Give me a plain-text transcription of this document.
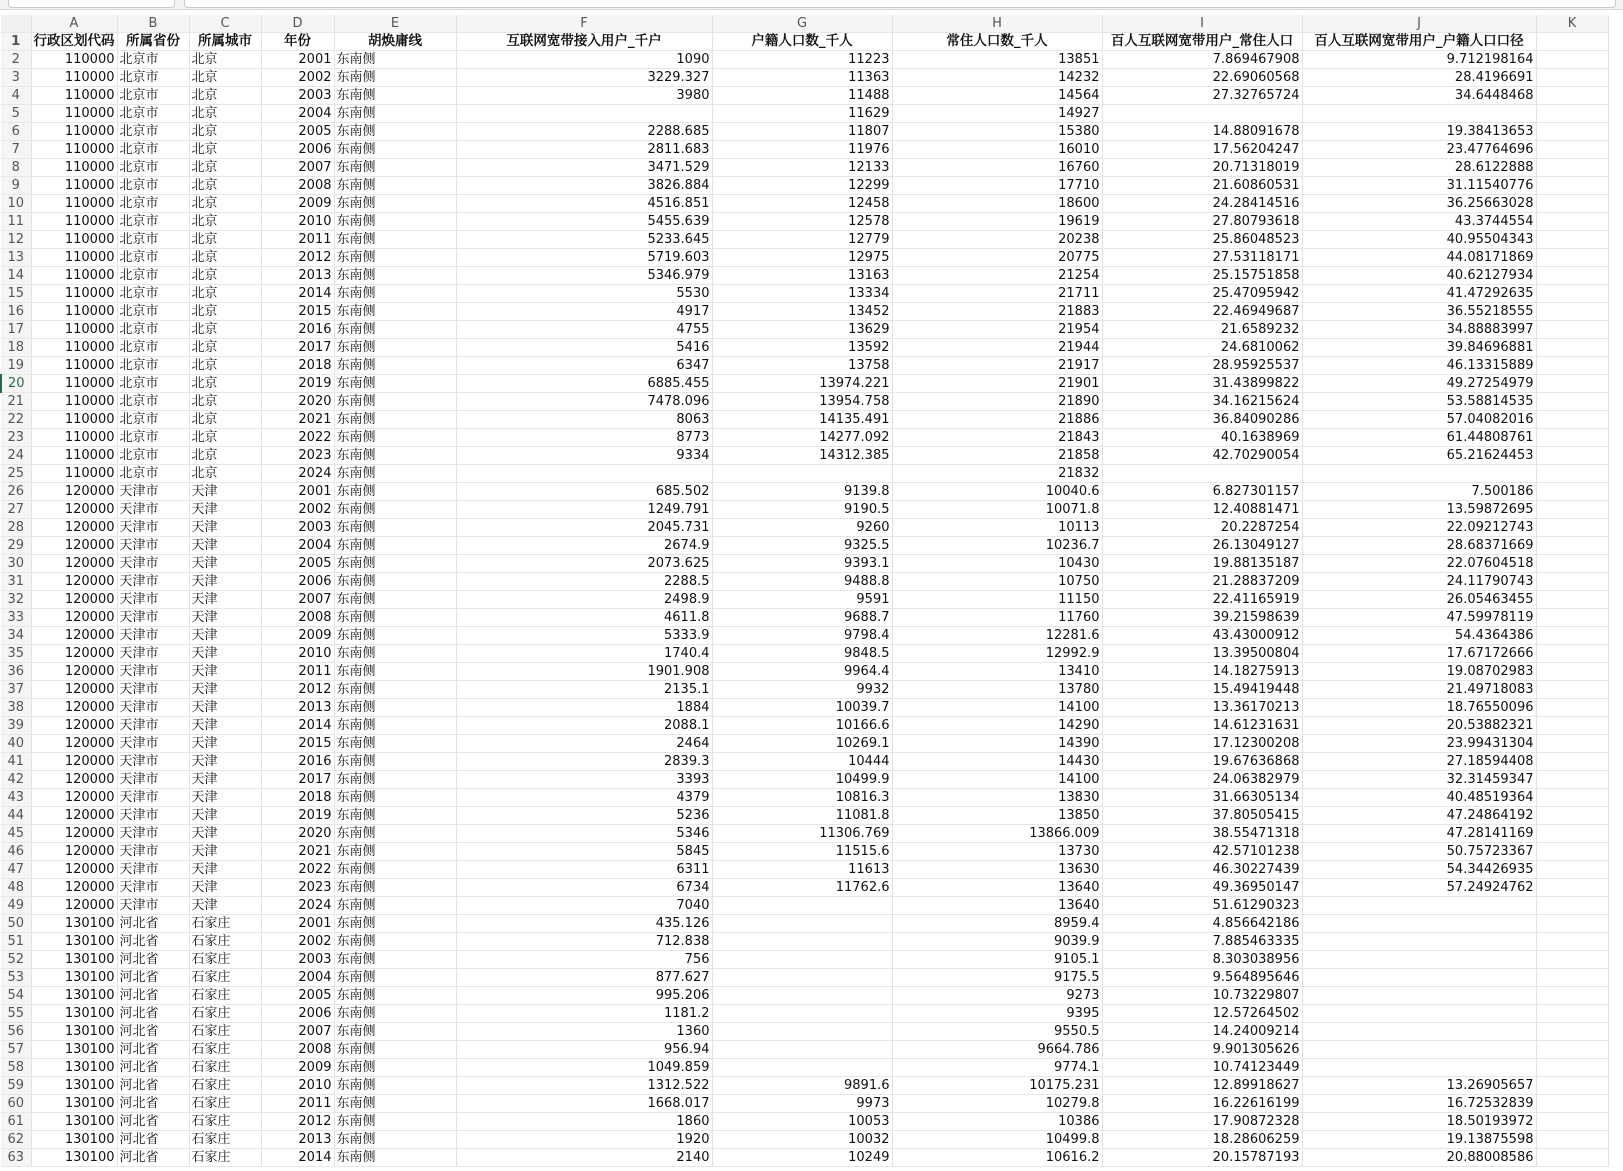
	A	B	C	D	E	F	G	H	I	J	K
1	行政区划代码	所属省份	所属城市	年份	胡焕庸线	互联网宽带接入用户_千户	户籍人口数_千人	常住人口数_千人	百人互联网宽带用户_常住人口	百人互联网宽带用户_户籍人口口径	
2	110000	北京市	北京	2001	东南侧	1090	11223	13851	7.869467908	9.712198164	
3	110000	北京市	北京	2002	东南侧	3229.327	11363	14232	22.69060568	28.4196691	
4	110000	北京市	北京	2003	东南侧	3980	11488	14564	27.32765724	34.6448468	
5	110000	北京市	北京	2004	东南侧		11629	14927			
6	110000	北京市	北京	2005	东南侧	2288.685	11807	15380	14.88091678	19.38413653	
7	110000	北京市	北京	2006	东南侧	2811.683	11976	16010	17.56204247	23.47764696	
8	110000	北京市	北京	2007	东南侧	3471.529	12133	16760	20.71318019	28.6122888	
9	110000	北京市	北京	2008	东南侧	3826.884	12299	17710	21.60860531	31.11540776	
10	110000	北京市	北京	2009	东南侧	4516.851	12458	18600	24.28414516	36.25663028	
11	110000	北京市	北京	2010	东南侧	5455.639	12578	19619	27.80793618	43.3744554	
12	110000	北京市	北京	2011	东南侧	5233.645	12779	20238	25.86048523	40.95504343	
13	110000	北京市	北京	2012	东南侧	5719.603	12975	20775	27.53118171	44.08171869	
14	110000	北京市	北京	2013	东南侧	5346.979	13163	21254	25.15751858	40.62127934	
15	110000	北京市	北京	2014	东南侧	5530	13334	21711	25.47095942	41.47292635	
16	110000	北京市	北京	2015	东南侧	4917	13452	21883	22.46949687	36.55218555	
17	110000	北京市	北京	2016	东南侧	4755	13629	21954	21.6589232	34.88883997	
18	110000	北京市	北京	2017	东南侧	5416	13592	21944	24.6810062	39.84696881	
19	110000	北京市	北京	2018	东南侧	6347	13758	21917	28.95925537	46.13315889	
20	110000	北京市	北京	2019	东南侧	6885.455	13974.221	21901	31.43899822	49.27254979	
21	110000	北京市	北京	2020	东南侧	7478.096	13954.758	21890	34.16215624	53.58814535	
22	110000	北京市	北京	2021	东南侧	8063	14135.491	21886	36.84090286	57.04082016	
23	110000	北京市	北京	2022	东南侧	8773	14277.092	21843	40.1638969	61.44808761	
24	110000	北京市	北京	2023	东南侧	9334	14312.385	21858	42.70290054	65.21624453	
25	110000	北京市	北京	2024	东南侧			21832			
26	120000	天津市	天津	2001	东南侧	685.502	9139.8	10040.6	6.827301157	7.500186	
27	120000	天津市	天津	2002	东南侧	1249.791	9190.5	10071.8	12.40881471	13.59872695	
28	120000	天津市	天津	2003	东南侧	2045.731	9260	10113	20.2287254	22.09212743	
29	120000	天津市	天津	2004	东南侧	2674.9	9325.5	10236.7	26.13049127	28.68371669	
30	120000	天津市	天津	2005	东南侧	2073.625	9393.1	10430	19.88135187	22.07604518	
31	120000	天津市	天津	2006	东南侧	2288.5	9488.8	10750	21.28837209	24.11790743	
32	120000	天津市	天津	2007	东南侧	2498.9	9591	11150	22.41165919	26.05463455	
33	120000	天津市	天津	2008	东南侧	4611.8	9688.7	11760	39.21598639	47.59978119	
34	120000	天津市	天津	2009	东南侧	5333.9	9798.4	12281.6	43.43000912	54.4364386	
35	120000	天津市	天津	2010	东南侧	1740.4	9848.5	12992.9	13.39500804	17.67172666	
36	120000	天津市	天津	2011	东南侧	1901.908	9964.4	13410	14.18275913	19.08702983	
37	120000	天津市	天津	2012	东南侧	2135.1	9932	13780	15.49419448	21.49718083	
38	120000	天津市	天津	2013	东南侧	1884	10039.7	14100	13.36170213	18.76550096	
39	120000	天津市	天津	2014	东南侧	2088.1	10166.6	14290	14.61231631	20.53882321	
40	120000	天津市	天津	2015	东南侧	2464	10269.1	14390	17.12300208	23.99431304	
41	120000	天津市	天津	2016	东南侧	2839.3	10444	14430	19.67636868	27.18594408	
42	120000	天津市	天津	2017	东南侧	3393	10499.9	14100	24.06382979	32.31459347	
43	120000	天津市	天津	2018	东南侧	4379	10816.3	13830	31.66305134	40.48519364	
44	120000	天津市	天津	2019	东南侧	5236	11081.8	13850	37.80505415	47.24864192	
45	120000	天津市	天津	2020	东南侧	5346	11306.769	13866.009	38.55471318	47.28141169	
46	120000	天津市	天津	2021	东南侧	5845	11515.6	13730	42.57101238	50.75723367	
47	120000	天津市	天津	2022	东南侧	6311	11613	13630	46.30227439	54.34426935	
48	120000	天津市	天津	2023	东南侧	6734	11762.6	13640	49.36950147	57.24924762	
49	120000	天津市	天津	2024	东南侧	7040		13640	51.61290323		
50	130100	河北省	石家庄	2001	东南侧	435.126		8959.4	4.856642186		
51	130100	河北省	石家庄	2002	东南侧	712.838		9039.9	7.885463335		
52	130100	河北省	石家庄	2003	东南侧	756		9105.1	8.303038956		
53	130100	河北省	石家庄	2004	东南侧	877.627		9175.5	9.564895646		
54	130100	河北省	石家庄	2005	东南侧	995.206		9273	10.73229807		
55	130100	河北省	石家庄	2006	东南侧	1181.2		9395	12.57264502		
56	130100	河北省	石家庄	2007	东南侧	1360		9550.5	14.24009214		
57	130100	河北省	石家庄	2008	东南侧	956.94		9664.786	9.901305626		
58	130100	河北省	石家庄	2009	东南侧	1049.859		9774.1	10.74123449		
59	130100	河北省	石家庄	2010	东南侧	1312.522	9891.6	10175.231	12.89918627	13.26905657	
60	130100	河北省	石家庄	2011	东南侧	1668.017	9973	10279.8	16.22616199	16.72532839	
61	130100	河北省	石家庄	2012	东南侧	1860	10053	10386	17.90872328	18.50193972	
62	130100	河北省	石家庄	2013	东南侧	1920	10032	10499.8	18.28606259	19.13875598	
63	130100	河北省	石家庄	2014	东南侧	2140	10249	10616.2	20.15787193	20.88008586	
